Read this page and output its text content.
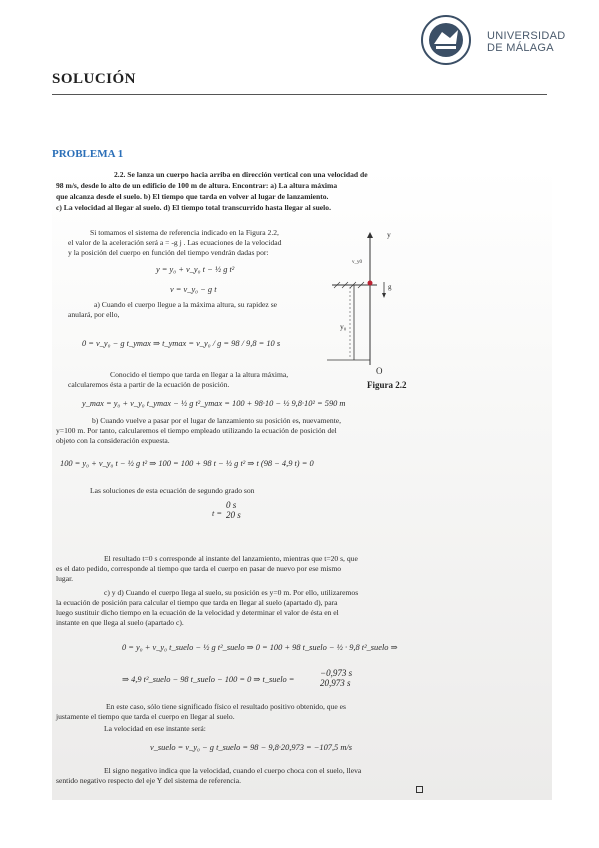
UNIVERSIDAD
DE MÁLAGA
SOLUCIÓN
PROBLEMA 1
2.2. Se lanza un cuerpo hacia arriba en dirección vertical con una velocidad de
98 m/s, desde lo alto de un edificio de 100 m de altura. Encontrar: a) La altura máxima
que alcanza desde el suelo. b) El tiempo que tarda en volver al lugar de lanzamiento.
c) La velocidad al llegar al suelo. d) El tiempo total transcurrido hasta llegar al suelo.
Si tomamos el sistema de referencia indicado en la Figura 2.2,
el valor de la aceleración será a = -g j . Las ecuaciones de la velocidad
y la posición del cuerpo en función del tiempo vendrán dadas por:
y = y₀ + v_y₀ t − ½ g t²
v = v_y₀ − g t
a) Cuando el cuerpo llegue a la máxima altura, su rapidez se
anulará, por ello,
0 = v_y₀ − g t_ymax ⇒ t_ymax = v_y₀ / g = 98 / 9,8 = 10 s
Conocido el tiempo que tarda en llegar a la altura máxima,
calcularemos ésta a partir de la ecuación de posición.
y_max = y₀ + v_y₀ t_ymax − ½ g t²_ymax = 100 + 98·10 − ½ 9,8·10² = 590 m
y
v_y0
g
y₀
O
Figura 2.2
b) Cuando vuelve a pasar por el lugar de lanzamiento su posición es, nuevamente,
y=100 m. Por tanto, calcularemos el tiempo empleado utilizando la ecuación de posición del
objeto con la consideración expuesta.
100 = y₀ + v_y₀ t − ½ g t² ⇒ 100 = 100 + 98 t − ½ g t² ⇒ t (98 − 4,9 t) = 0
Las soluciones de esta ecuación de segundo grado son
t =
0 s
20 s
El resultado t=0 s corresponde al instante del lanzamiento, mientras que t=20 s, que
es el dato pedido, corresponde al tiempo que tarda el cuerpo en pasar de nuevo por ese mismo
lugar.
c) y d) Cuando el cuerpo llega al suelo, su posición es y=0 m. Por ello, utilizaremos
la ecuación de posición para calcular el tiempo que tarda en llegar al suelo (apartado d), para
luego sustituir dicho tiempo en la ecuación de la velocidad y determinar el valor de ésta en el
instante en que llega al suelo (apartado c).
0 = y₀ + v_y₀ t_suelo − ½ g t²_suelo ⇒ 0 = 100 + 98 t_suelo − ½ · 9,8 t²_suelo ⇒
⇒ 4,9 t²_suelo − 98 t_suelo − 100 = 0 ⇒ t_suelo =
−0,973 s
20,973 s
En este caso, sólo tiene significado físico el resultado positivo obtenido, que es
justamente el tiempo que tarda el cuerpo en llegar al suelo.
La velocidad en ese instante será:
v_suelo = v_y₀ − g t_suelo = 98 − 9,8·20,973 = −107,5 m/s
El signo negativo indica que la velocidad, cuando el cuerpo choca con el suelo, lleva
sentido negativo respecto del eje Y del sistema de referencia.
